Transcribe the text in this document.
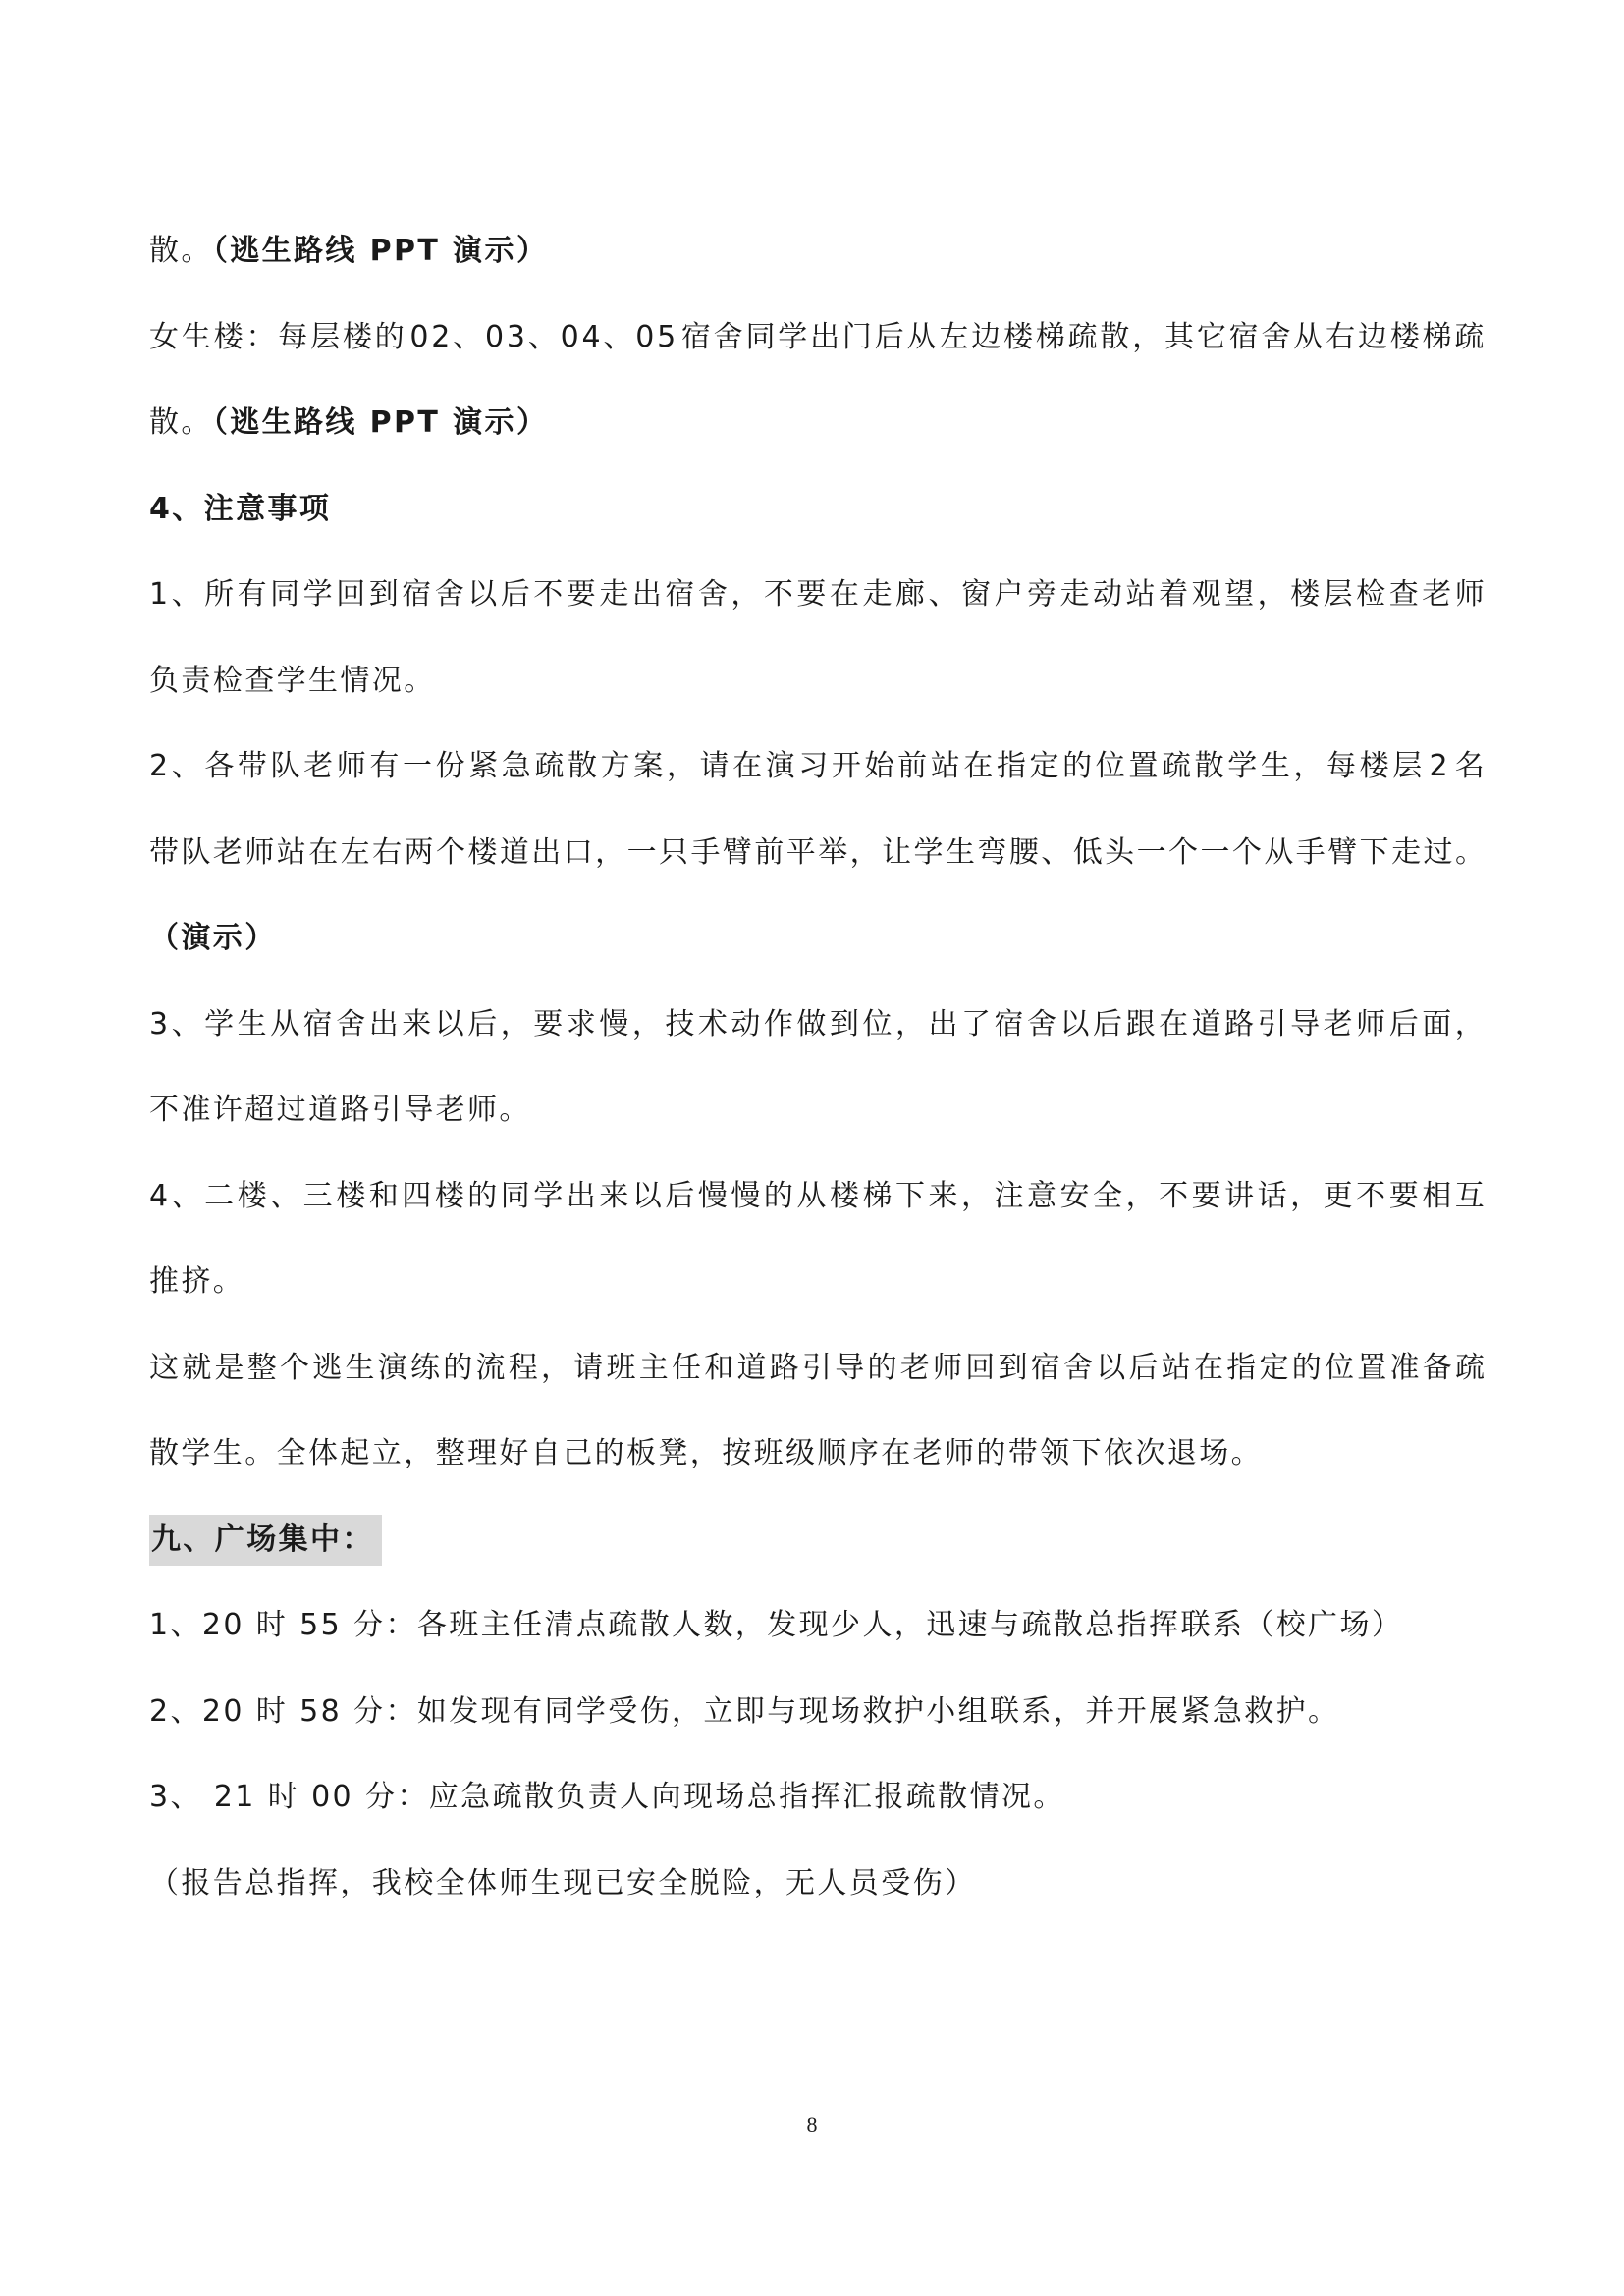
散。（逃生路线 PPT 演示）
女 生 楼 ： 每 层 楼 的 0 2 、 0 3 、 0 4 、 0 5 宿 舍 同 学 出 门 后 从 左 边 楼 梯 疏 散 ， 其 它 宿 舍 从 右 边 楼 梯 疏
散。（逃生路线 PPT 演示）
4、注意事项
1 、 所 有 同 学 回 到 宿 舍 以 后 不 要 走 出 宿 舍 ， 不 要 在 走 廊 、 窗 户 旁 走 动 站 着 观 望 ， 楼 层 检 查 老 师
负责检查学生情况。
2 、 各 带 队 老 师 有 一 份 紧 急 疏 散 方 案 ， 请 在 演 习 开 始 前 站 在 指 定 的 位 置 疏 散 学 生 ， 每 楼 层 2 名
带 队 老 师 站 在 左 右 两 个 楼 道 出 口 ， 一 只 手 臂 前 平 举 ， 让 学 生 弯 腰 、 低 头 一 个 一 个 从 手 臂 下 走 过 。
（演示）
3 、 学 生 从 宿 舍 出 来 以 后 ， 要 求 慢 ， 技 术 动 作 做 到 位 ， 出 了 宿 舍 以 后 跟 在 道 路 引 导 老 师 后 面 ，
不准许超过道路引导老师。
4 、 二 楼 、 三 楼 和 四 楼 的 同 学 出 来 以 后 慢 慢 的 从 楼 梯 下 来 ， 注 意 安 全 ， 不 要 讲 话 ， 更 不 要 相 互
推挤。
这 就 是 整 个 逃 生 演 练 的 流 程 ， 请 班 主 任 和 道 路 引 导 的 老 师 回 到 宿 舍 以 后 站 在 指 定 的 位 置 准 备 疏
散学生。全体起立，整理好自己的板凳，按班级顺序在老师的带领下依次退场。
九、广场集中：
1、20 时 55 分：各班主任清点疏散人数，发现少人，迅速与疏散总指挥联系（校广场）
2、20 时 58 分：如发现有同学受伤，立即与现场救护小组联系，并开展紧急救护。
3、 21 时 00 分：应急疏散负责人向现场总指挥汇报疏散情况。
（报告总指挥，我校全体师生现已安全脱险，无人员受伤）
8
